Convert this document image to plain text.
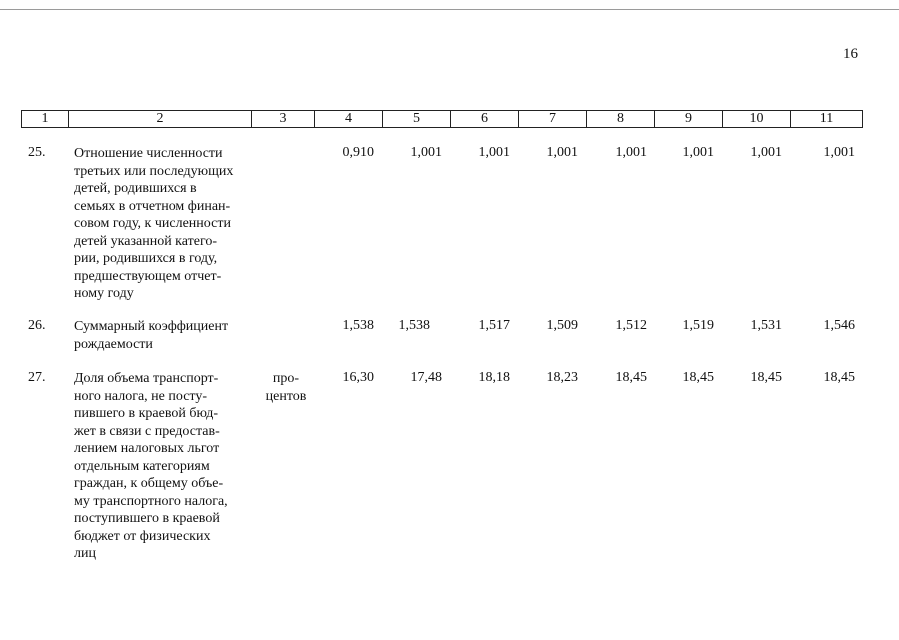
16
1	2	3	4	5	6	7	8	9	10	11
25. Отношение численности
третьих или последующих
детей, родившихся в
семьях в отчетном финан-
совом году, к численности
детей указанной катего-
рии, родившихся в году,
предшествующем отчет-
ному году
0,910	1,001	1,001	1,001	1,001	1,001	1,001	1,001
26. Суммарный коэффициент
рождаемости
1,538	1,538	1,517	1,509	1,512	1,519	1,531	1,546
27. Доля объема транспорт-
ного налога, не посту-
пившего в краевой бюд-
жет в связи с предостав-
лением налоговых льгот
отдельным категориям
граждан, к общему объе-
му транспортного налога,
поступившего в краевой
бюджет от физических
лиц
про-
центов
16,30	17,48	18,18	18,23	18,45	18,45	18,45	18,45
